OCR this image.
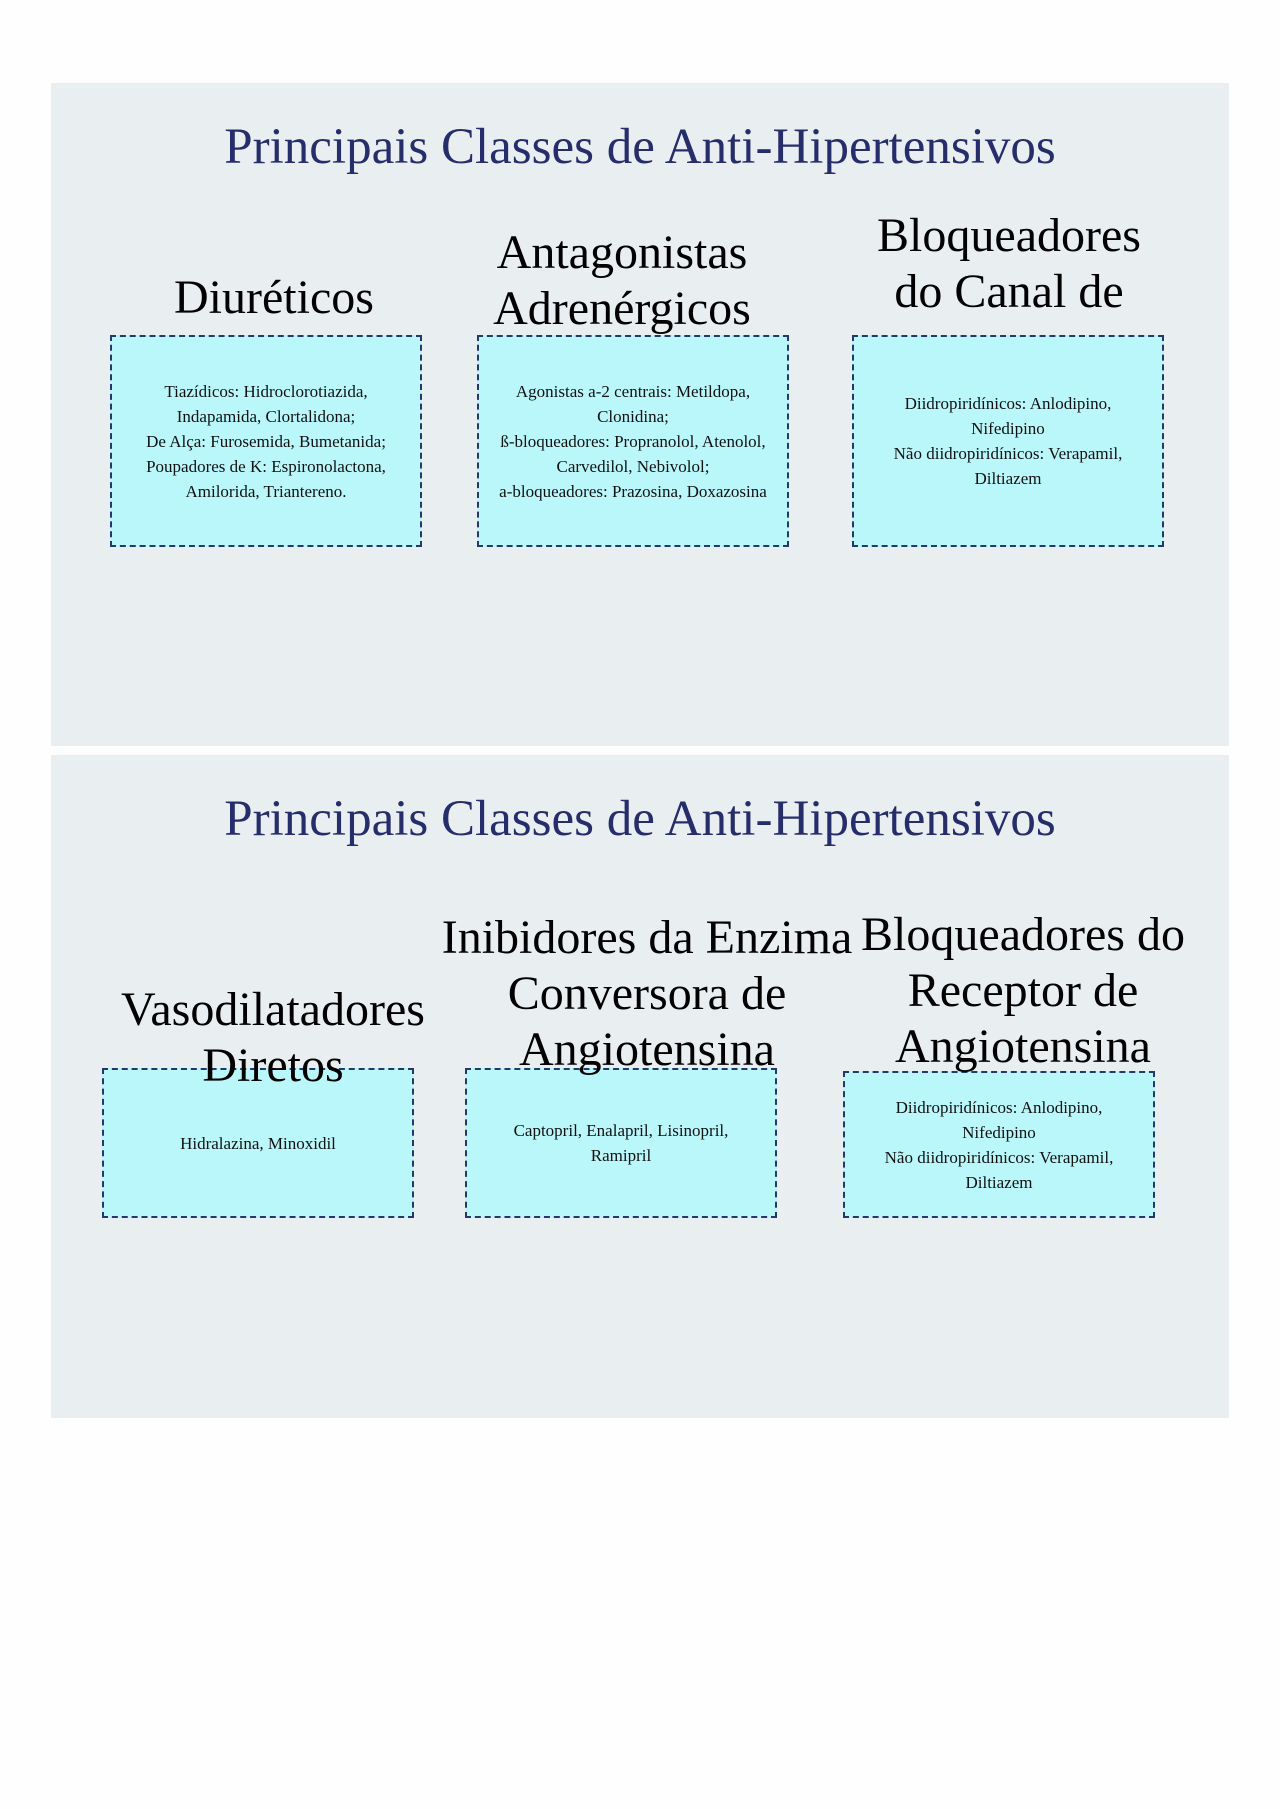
Principais Classes de Anti-Hipertensivos
Diuréticos
Antagonistas
Adrenérgicos
Bloqueadores
do Canal de
Tiazídicos: Hidroclorotiazida,
Indapamida, Clortalidona;
De Alça: Furosemida, Bumetanida;
Poupadores de K: Espironolactona,
Amilorida, Triantereno.
Agonistas a-2 centrais: Metildopa,
Clonidina;
ß-bloqueadores: Propranolol, Atenolol,
Carvedilol, Nebivolol;
a-bloqueadores: Prazosina, Doxazosina
Diidropiridínicos: Anlodipino,
Nifedipino
Não diidropiridínicos: Verapamil,
Diltiazem
Principais Classes de Anti-Hipertensivos
Vasodilatadores
Diretos
Inibidores da Enzima
Conversora de
Angiotensina
Bloqueadores do
Receptor de
Angiotensina
Hidralazina, Minoxidil
Captopril, Enalapril, Lisinopril,
Ramipril
Diidropiridínicos: Anlodipino,
Nifedipino
Não diidropiridínicos: Verapamil,
Diltiazem
